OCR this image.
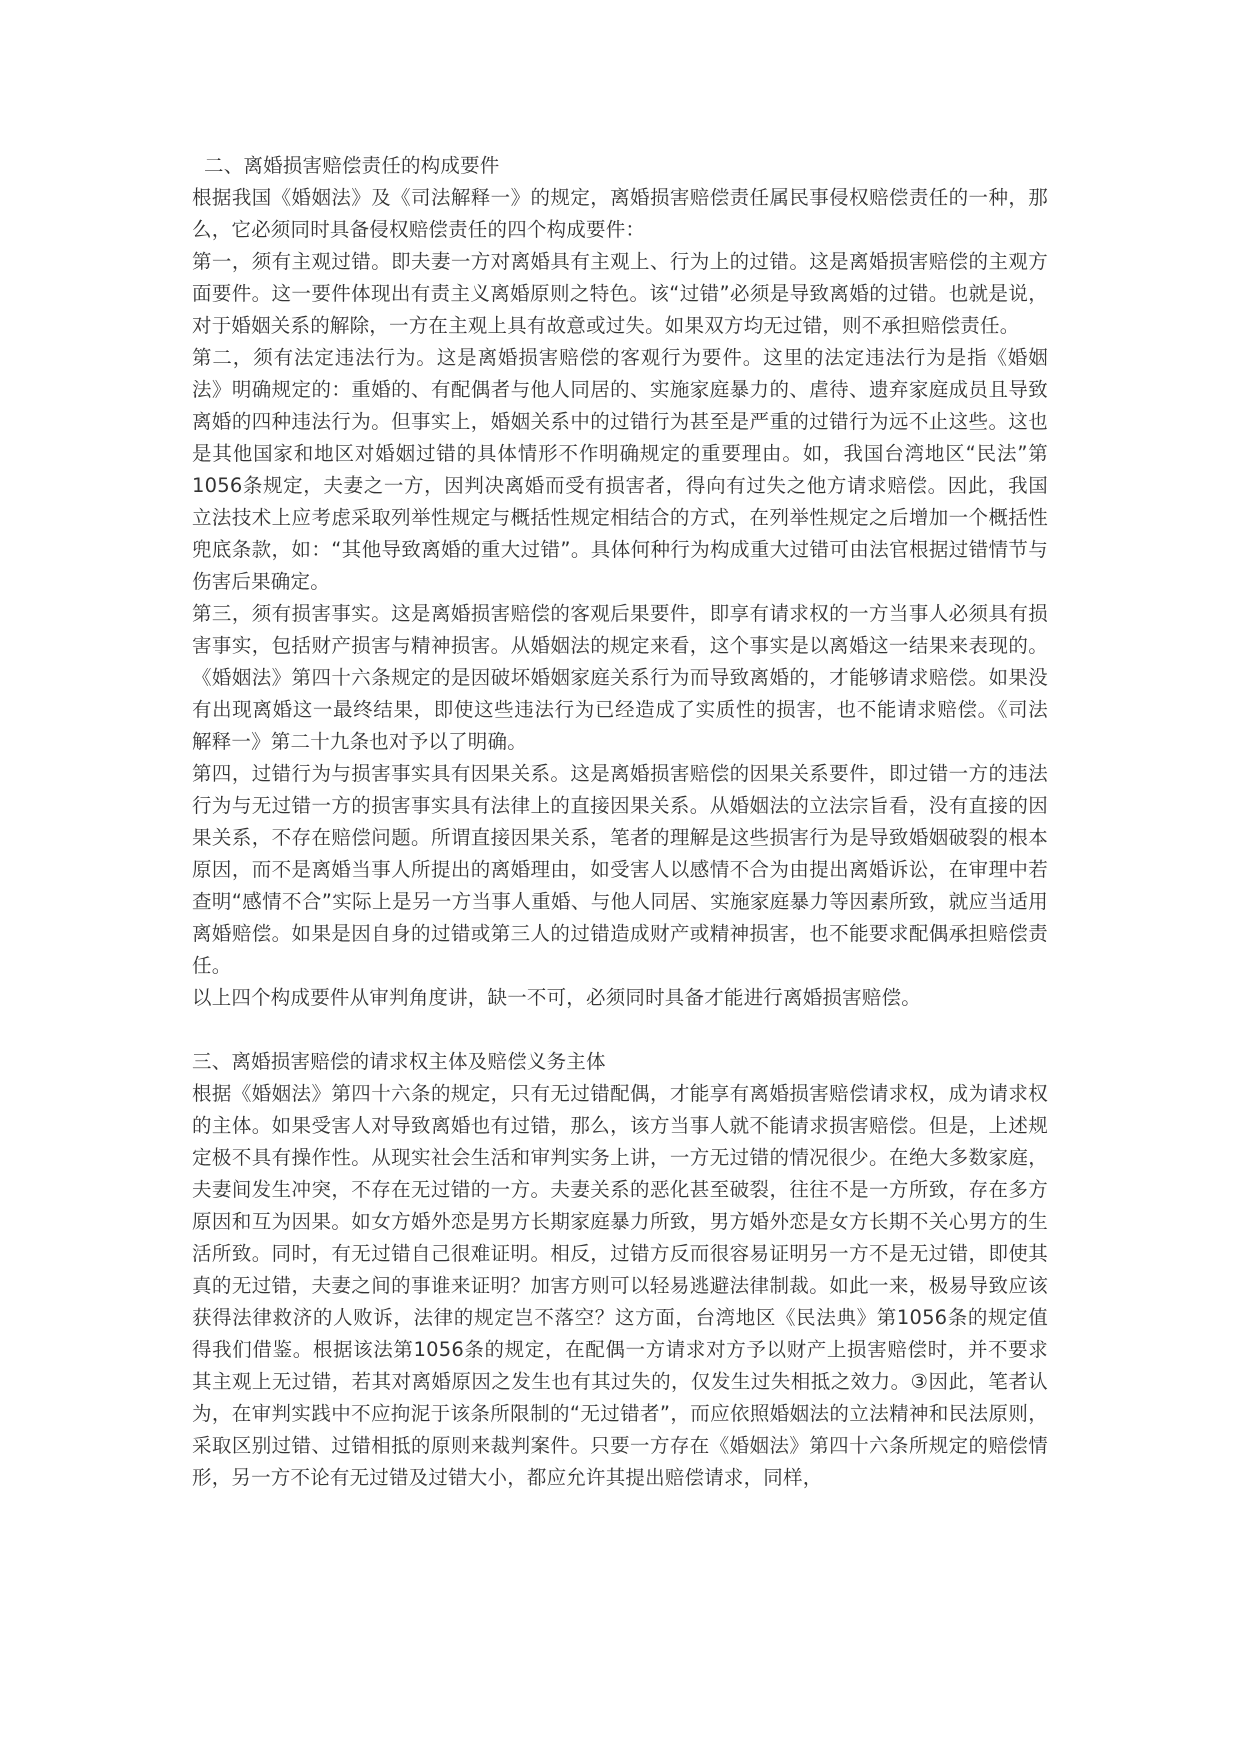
二、离婚损害赔偿责任的构成要件

根据我国《婚姻法》及《司法解释一》的规定，离婚损害赔偿责任属民事侵权赔偿责任的一种，那么，它必须同时具备侵权赔偿责任的四个构成要件：

第一，须有主观过错。即夫妻一方对离婚具有主观上、行为上的过错。这是离婚损害赔偿的主观方面要件。这一要件体现出有责主义离婚原则之特色。该“过错”必须是导致离婚的过错。也就是说，对于婚姻关系的解除，一方在主观上具有故意或过失。如果双方均无过错，则不承担赔偿责任。

第二，须有法定违法行为。这是离婚损害赔偿的客观行为要件。这里的法定违法行为是指《婚姻法》明确规定的：重婚的、有配偶者与他人同居的、实施家庭暴力的、虐待、遗弃家庭成员且导致离婚的四种违法行为。但事实上，婚姻关系中的过错行为甚至是严重的过错行为远不止这些。这也是其他国家和地区对婚姻过错的具体情形不作明确规定的重要理由。如，我国台湾地区“民法”第1056条规定，夫妻之一方，因判决离婚而受有损害者，得向有过失之他方请求赔偿。因此，我国立法技术上应考虑采取列举性规定与概括性规定相结合的方式，在列举性规定之后增加一个概括性兜底条款，如：“其他导致离婚的重大过错”。具体何种行为构成重大过错可由法官根据过错情节与伤害后果确定。

第三，须有损害事实。这是离婚损害赔偿的客观后果要件，即享有请求权的一方当事人必须具有损害事实，包括财产损害与精神损害。从婚姻法的规定来看，这个事实是以离婚这一结果来表现的。《婚姻法》第四十六条规定的是因破坏婚姻家庭关系行为而导致离婚的，才能够请求赔偿。如果没有出现离婚这一最终结果，即使这些违法行为已经造成了实质性的损害，也不能请求赔偿。《司法解释一》第二十九条也对予以了明确。

第四，过错行为与损害事实具有因果关系。这是离婚损害赔偿的因果关系要件，即过错一方的违法行为与无过错一方的损害事实具有法律上的直接因果关系。从婚姻法的立法宗旨看，没有直接的因果关系，不存在赔偿问题。所谓直接因果关系，笔者的理解是这些损害行为是导致婚姻破裂的根本原因，而不是离婚当事人所提出的离婚理由，如受害人以感情不合为由提出离婚诉讼，在审理中若查明“感情不合”实际上是另一方当事人重婚、与他人同居、实施家庭暴力等因素所致，就应当适用离婚赔偿。如果是因自身的过错或第三人的过错造成财产或精神损害，也不能要求配偶承担赔偿责任。

以上四个构成要件从审判角度讲，缺一不可，必须同时具备才能进行离婚损害赔偿。

三、离婚损害赔偿的请求权主体及赔偿义务主体

根据《婚姻法》第四十六条的规定，只有无过错配偶，才能享有离婚损害赔偿请求权，成为请求权的主体。如果受害人对导致离婚也有过错，那么，该方当事人就不能请求损害赔偿。但是，上述规定极不具有操作性。从现实社会生活和审判实务上讲，一方无过错的情况很少。在绝大多数家庭，夫妻间发生冲突，不存在无过错的一方。夫妻关系的恶化甚至破裂，往往不是一方所致，存在多方原因和互为因果。如女方婚外恋是男方长期家庭暴力所致，男方婚外恋是女方长期不关心男方的生活所致。同时，有无过错自己很难证明。相反，过错方反而很容易证明另一方不是无过错，即使其真的无过错，夫妻之间的事谁来证明？加害方则可以轻易逃避法律制裁。如此一来，极易导致应该获得法律救济的人败诉，法律的规定岂不落空？这方面，台湾地区《民法典》第1056条的规定值得我们借鉴。根据该法第1056条的规定，在配偶一方请求对方予以财产上损害赔偿时，并不要求其主观上无过错，若其对离婚原因之发生也有其过失的，仅发生过失相抵之效力。③因此，笔者认为，在审判实践中不应拘泥于该条所限制的“无过错者”，而应依照婚姻法的立法精神和民法原则，采取区别过错、过错相抵的原则来裁判案件。只要一方存在《婚姻法》第四十六条所规定的赔偿情形，另一方不论有无过错及过错大小，都应允许其提出赔偿请求，同样，
